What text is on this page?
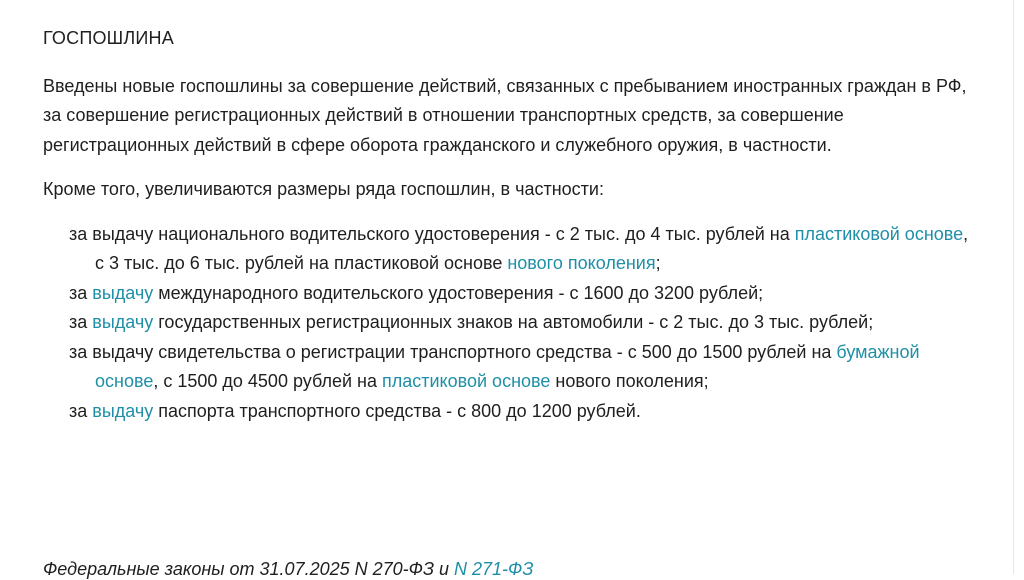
ГОСПОШЛИНА

Введены новые госпошлины за совершение действий, связанных с пребыванием иностранных граждан в РФ, за совершение регистрационных действий в отношении транспортных средств, за совершение регистрационных действий в сфере оборота гражданского и служебного оружия, в частности.

Кроме того, увеличиваются размеры ряда госпошлин, в частности:

за выдачу национального водительского удостоверения - с 2 тыс. до 4 тыс. рублей на пластиковой основе, с 3 тыс. до 6 тыс. рублей на пластиковой основе нового поколения;
за выдачу международного водительского удостоверения - с 1600 до 3200 рублей;
за выдачу государственных регистрационных знаков на автомобили - с 2 тыс. до 3 тыс. рублей;
за выдачу свидетельства о регистрации транспортного средства - с 500 до 1500 рублей на бумажной основе, с 1500 до 4500 рублей на пластиковой основе нового поколения;
за выдачу паспорта транспортного средства - с 800 до 1200 рублей.
Федеральные законы от 31.07.2025 N 270-ФЗ и N 271-ФЗ
